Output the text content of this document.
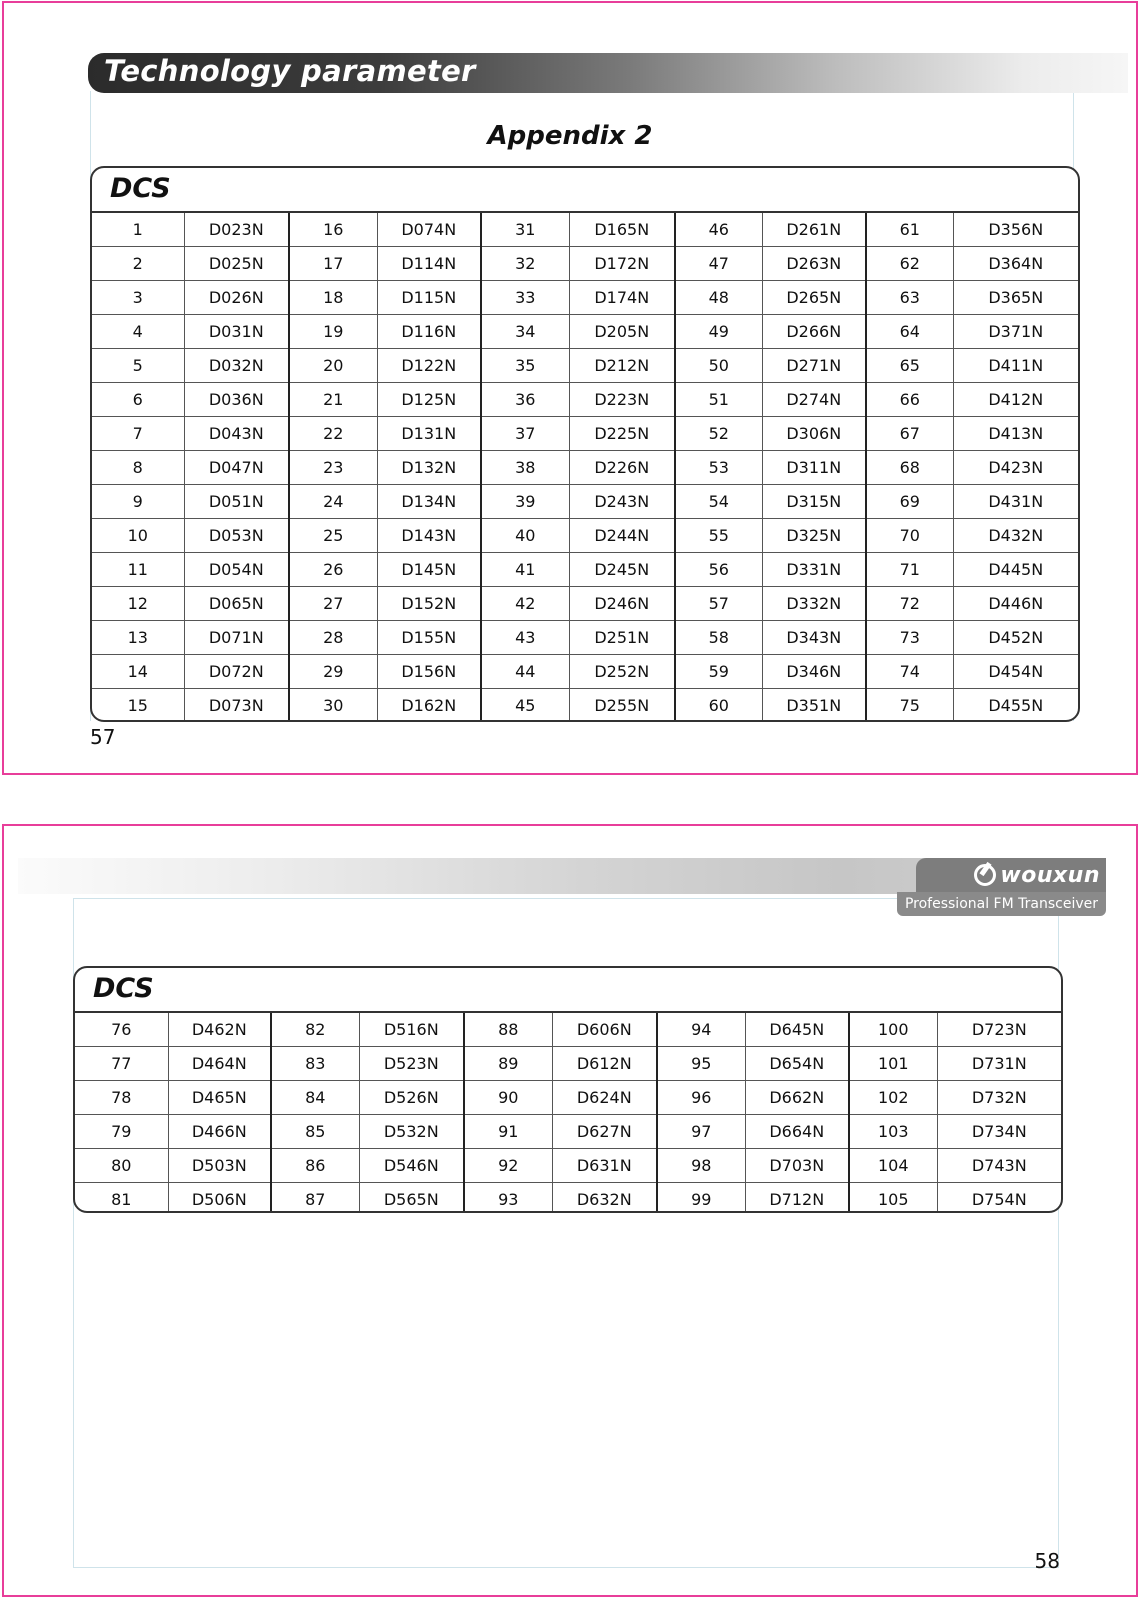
Technology parameter
Appendix 2
DCS
1	D023N	16	D074N	31	D165N	46	D261N	61	D356N
2	D025N	17	D114N	32	D172N	47	D263N	62	D364N
3	D026N	18	D115N	33	D174N	48	D265N	63	D365N
4	D031N	19	D116N	34	D205N	49	D266N	64	D371N
5	D032N	20	D122N	35	D212N	50	D271N	65	D411N
6	D036N	21	D125N	36	D223N	51	D274N	66	D412N
7	D043N	22	D131N	37	D225N	52	D306N	67	D413N
8	D047N	23	D132N	38	D226N	53	D311N	68	D423N
9	D051N	24	D134N	39	D243N	54	D315N	69	D431N
10	D053N	25	D143N	40	D244N	55	D325N	70	D432N
11	D054N	26	D145N	41	D245N	56	D331N	71	D445N
12	D065N	27	D152N	42	D246N	57	D332N	72	D446N
13	D071N	28	D155N	43	D251N	58	D343N	73	D452N
14	D072N	29	D156N	44	D252N	59	D346N	74	D454N
15	D073N	30	D162N	45	D255N	60	D351N	75	D455N
57
wouxun
Professional FM Transceiver
DCS
76	D462N	82	D516N	88	D606N	94	D645N	100	D723N
77	D464N	83	D523N	89	D612N	95	D654N	101	D731N
78	D465N	84	D526N	90	D624N	96	D662N	102	D732N
79	D466N	85	D532N	91	D627N	97	D664N	103	D734N
80	D503N	86	D546N	92	D631N	98	D703N	104	D743N
81	D506N	87	D565N	93	D632N	99	D712N	105	D754N
58
